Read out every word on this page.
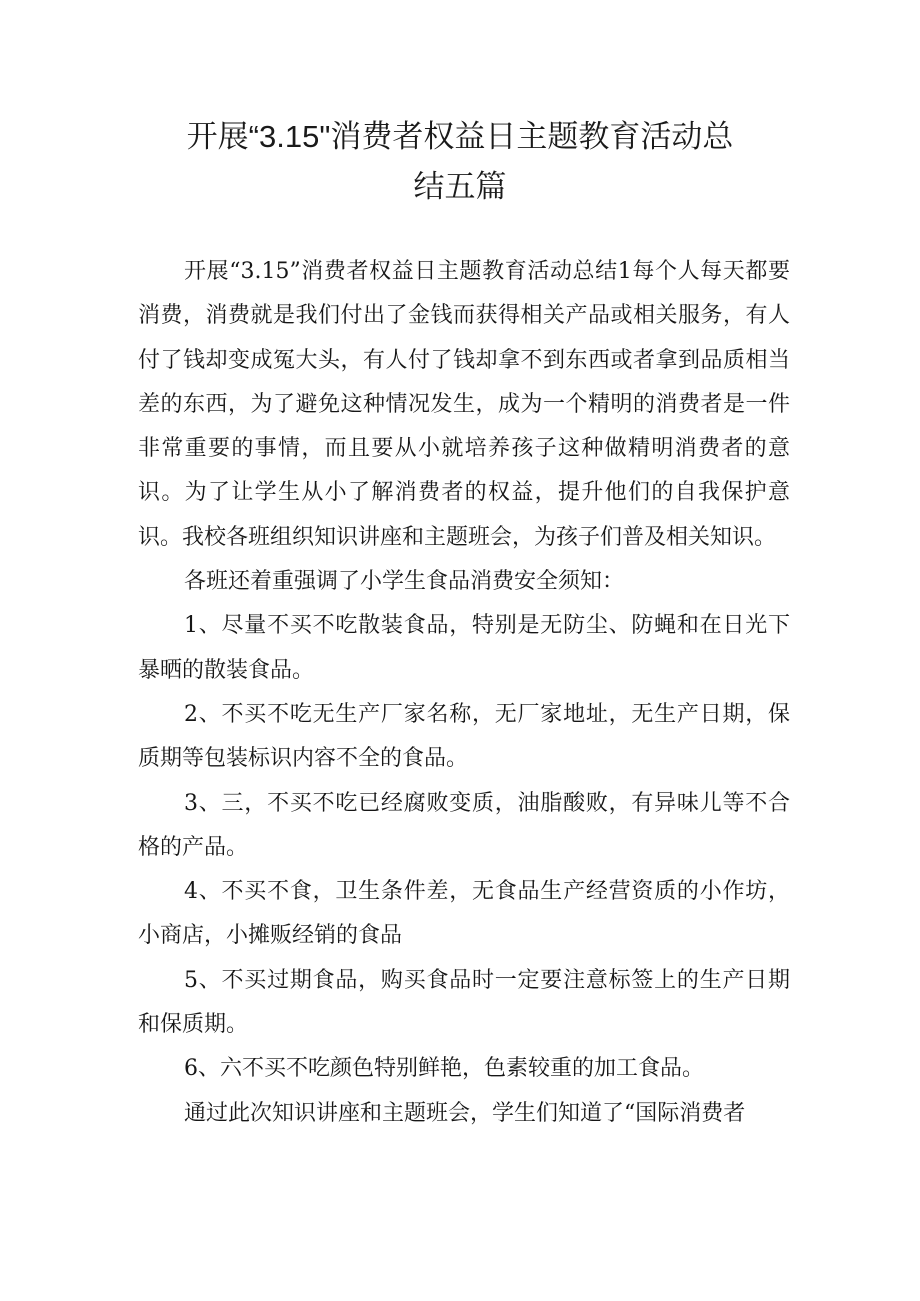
开展“3.15"消费者权益日主题教育活动总
结五篇

开展“3.15”消费者权益日主题教育活动总结1每个人每天都要消费，消费就是我们付出了金钱而获得相关产品或相关服务，有人付了钱却变成冤大头，有人付了钱却拿不到东西或者拿到品质相当差的东西，为了避免这种情况发生，成为一个精明的消费者是一件非常重要的事情，而且要从小就培养孩子这种做精明消费者的意识。为了让学生从小了解消费者的权益，提升他们的自我保护意识。我校各班组织知识讲座和主题班会，为孩子们普及相关知识。

各班还着重强调了小学生食品消费安全须知：

1、尽量不买不吃散装食品，特别是无防尘、防蝇和在日光下暴晒的散装食品。

2、不买不吃无生产厂家名称，无厂家地址，无生产日期，保质期等包装标识内容不全的食品。

3、三，不买不吃已经腐败变质，油脂酸败，有异味儿等不合格的产品。

4、不买不食，卫生条件差，无食品生产经营资质的小作坊，小商店，小摊贩经销的食品

5、不买过期食品，购买食品时一定要注意标签上的生产日期和保质期。

6、六不买不吃颜色特别鲜艳，色素较重的加工食品。

通过此次知识讲座和主题班会，学生们知道了“国际消费者
